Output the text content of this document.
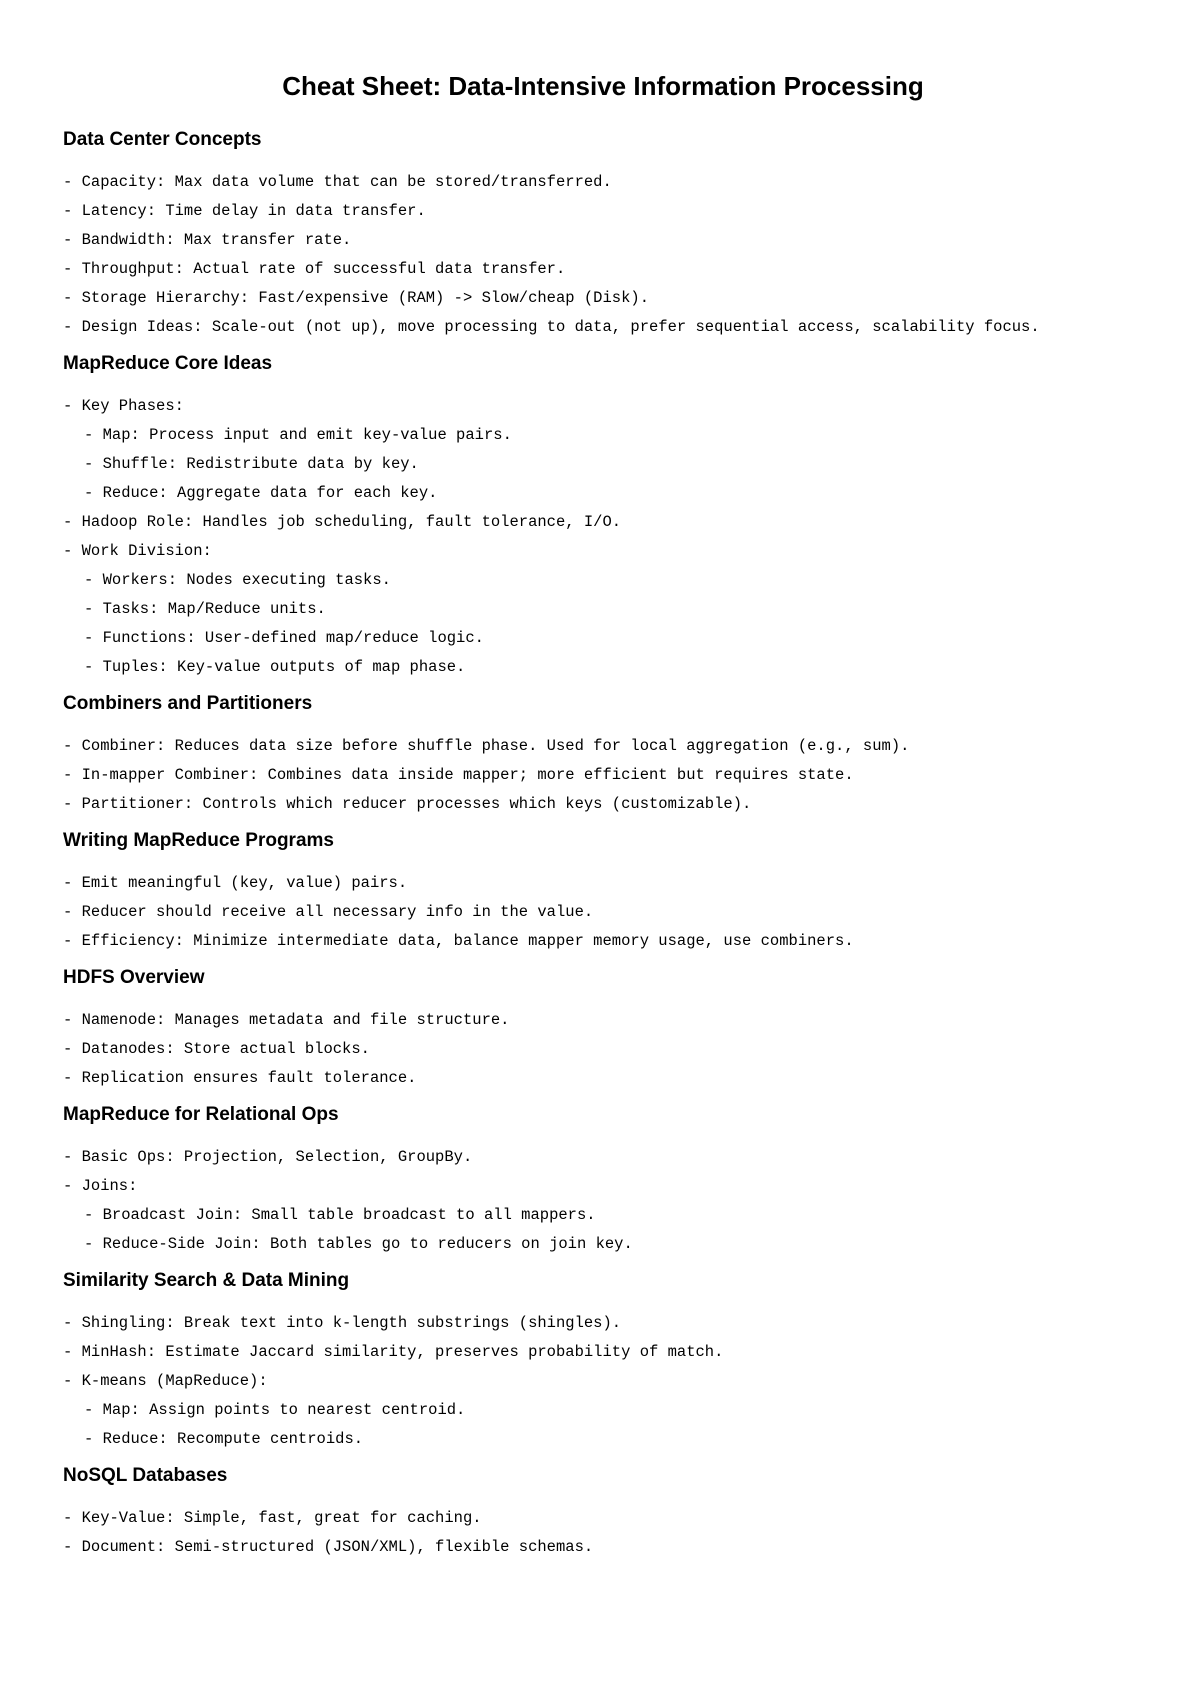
Cheat Sheet: Data-Intensive Information Processing
Data Center Concepts
- Capacity: Max data volume that can be stored/transferred.
- Latency: Time delay in data transfer.
- Bandwidth: Max transfer rate.
- Throughput: Actual rate of successful data transfer.
- Storage Hierarchy: Fast/expensive (RAM) -> Slow/cheap (Disk).
- Design Ideas: Scale-out (not up), move processing to data, prefer sequential access, scalability focus.
MapReduce Core Ideas
- Key Phases:
- Map: Process input and emit key-value pairs.
- Shuffle: Redistribute data by key.
- Reduce: Aggregate data for each key.
- Hadoop Role: Handles job scheduling, fault tolerance, I/O.
- Work Division:
- Workers: Nodes executing tasks.
- Tasks: Map/Reduce units.
- Functions: User-defined map/reduce logic.
- Tuples: Key-value outputs of map phase.
Combiners and Partitioners
- Combiner: Reduces data size before shuffle phase. Used for local aggregation (e.g., sum).
- In-mapper Combiner: Combines data inside mapper; more efficient but requires state.
- Partitioner: Controls which reducer processes which keys (customizable).
Writing MapReduce Programs
- Emit meaningful (key, value) pairs.
- Reducer should receive all necessary info in the value.
- Efficiency: Minimize intermediate data, balance mapper memory usage, use combiners.
HDFS Overview
- Namenode: Manages metadata and file structure.
- Datanodes: Store actual blocks.
- Replication ensures fault tolerance.
MapReduce for Relational Ops
- Basic Ops: Projection, Selection, GroupBy.
- Joins:
- Broadcast Join: Small table broadcast to all mappers.
- Reduce-Side Join: Both tables go to reducers on join key.
Similarity Search & Data Mining
- Shingling: Break text into k-length substrings (shingles).
- MinHash: Estimate Jaccard similarity, preserves probability of match.
- K-means (MapReduce):
- Map: Assign points to nearest centroid.
- Reduce: Recompute centroids.
NoSQL Databases
- Key-Value: Simple, fast, great for caching.
- Document: Semi-structured (JSON/XML), flexible schemas.
